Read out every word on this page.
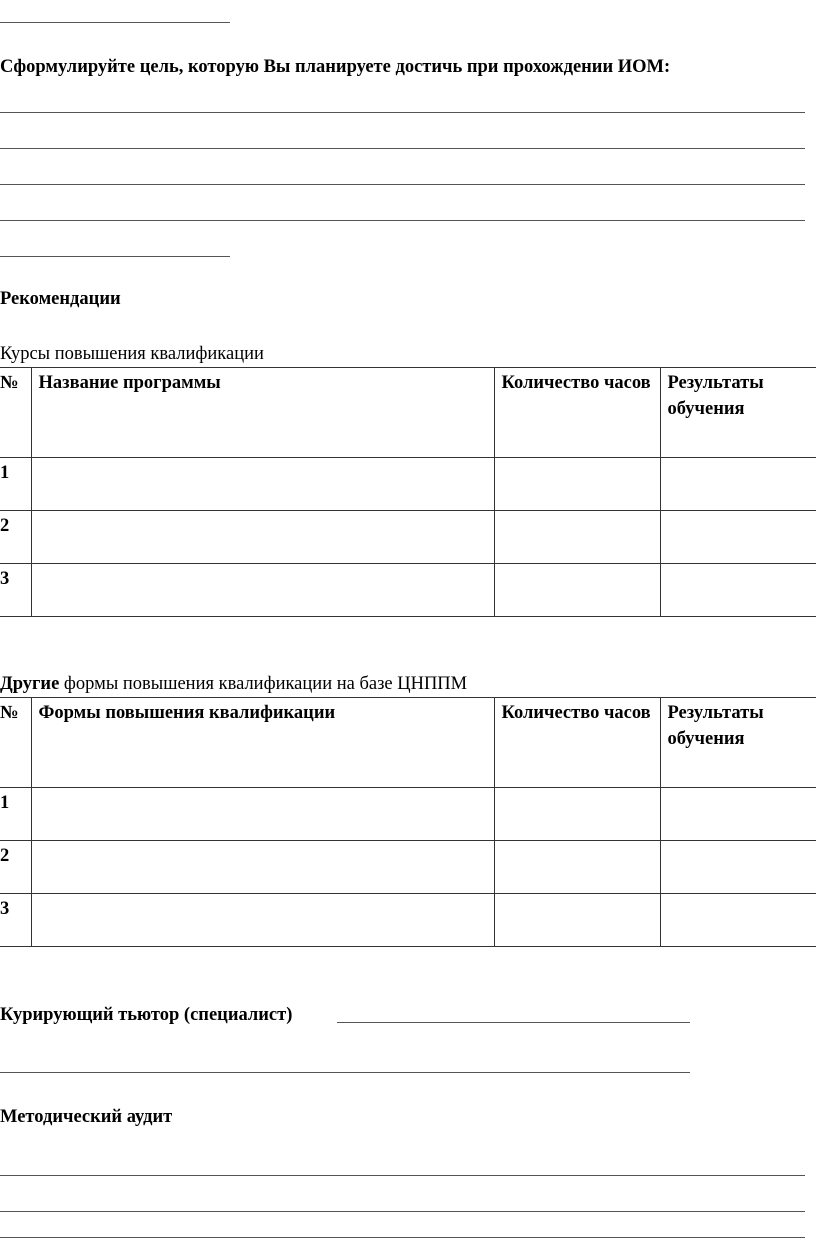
Сформулируйте цель, которую Вы планируете достичь при прохождении ИОМ:
Рекомендации
Курсы повышения квалификации
№	Название программы	Количество часов	Результаты обучения
1			
2			
3			
Другие формы повышения квалификации на базе ЦНППМ
№	Формы повышения квалификации	Количество часов	Результаты обучения
1			
2			
3			
Курирующий тьютор (специалист)
Методический аудит
